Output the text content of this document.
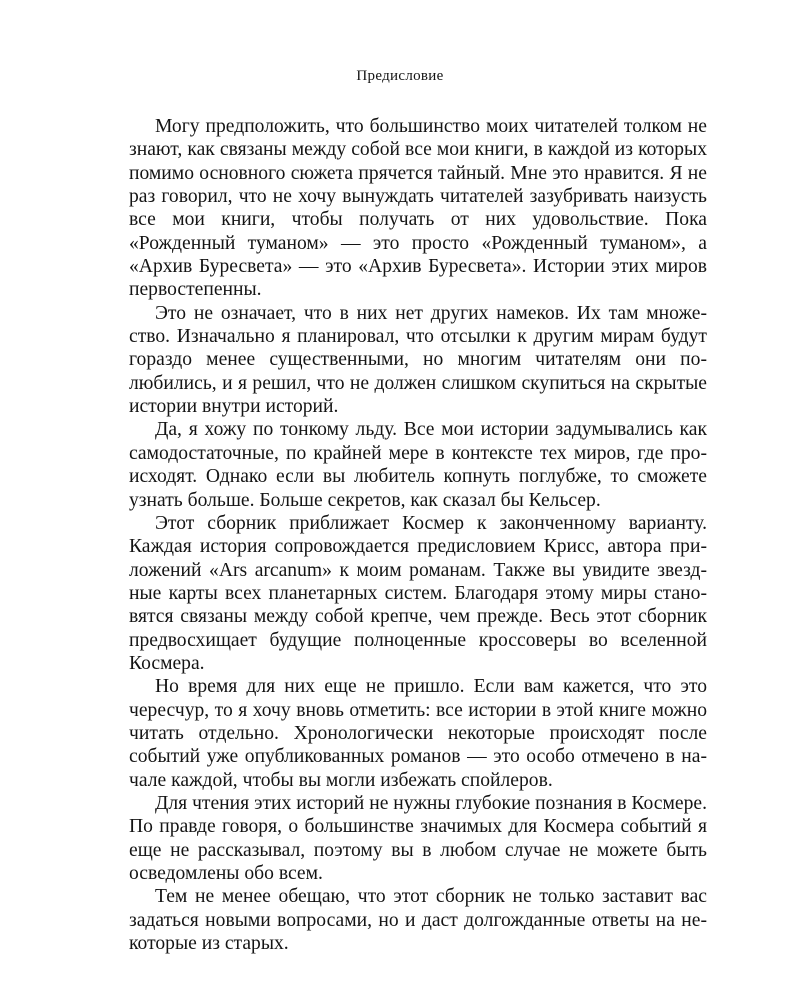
Предисловие

Могу предположить, что большинство моих читателей толком не знают, как связаны между собой все мои книги, в каждой из которых помимо основного сюжета прячется тайный. Мне это нравится. Я не раз говорил, что не хочу вынуждать читателей зазубривать наизусть все мои книги, чтобы получать от них удовольствие. Пока «Рожденный туманом» — это просто «Рожденный туманом», а «Архив Буресвета» — это «Архив Буресвета». Истории этих миров первостепенны.

Это не означает, что в них нет других намеков. Их там множество. Изначально я планировал, что отсылки к другим мирам будут гораздо менее существенными, но многим читателям они полюбились, и я решил, что не должен слишком скупиться на скрытые истории внутри историй.

Да, я хожу по тонкому льду. Все мои истории задумывались как самодостаточные, по крайней мере в контексте тех миров, где происходят. Однако если вы любитель копнуть поглубже, то сможете узнать больше. Больше секретов, как сказал бы Кельсер.

Этот сборник приближает Космер к законченному варианту. Каждая история сопровождается предисловием Крисс, автора приложений «Ars arcanum» к моим романам. Также вы увидите звездные карты всех планетарных систем. Благодаря этому миры становятся связаны между собой крепче, чем прежде. Весь этот сборник предвосхищает будущие полноценные кроссоверы во вселенной Космера.

Но время для них еще не пришло. Если вам кажется, что это чересчур, то я хочу вновь отметить: все истории в этой книге можно читать отдельно. Хронологически некоторые происходят после событий уже опубликованных романов — это особо отмечено в начале каждой, чтобы вы могли избежать спойлеров.

Для чтения этих историй не нужны глубокие познания в Космере. По правде говоря, о большинстве значимых для Космера событий я еще не рассказывал, поэтому вы в любом случае не можете быть осведомлены обо всем.

Тем не менее обещаю, что этот сборник не только заставит вас задаться новыми вопросами, но и даст долгожданные ответы на некоторые из старых.
